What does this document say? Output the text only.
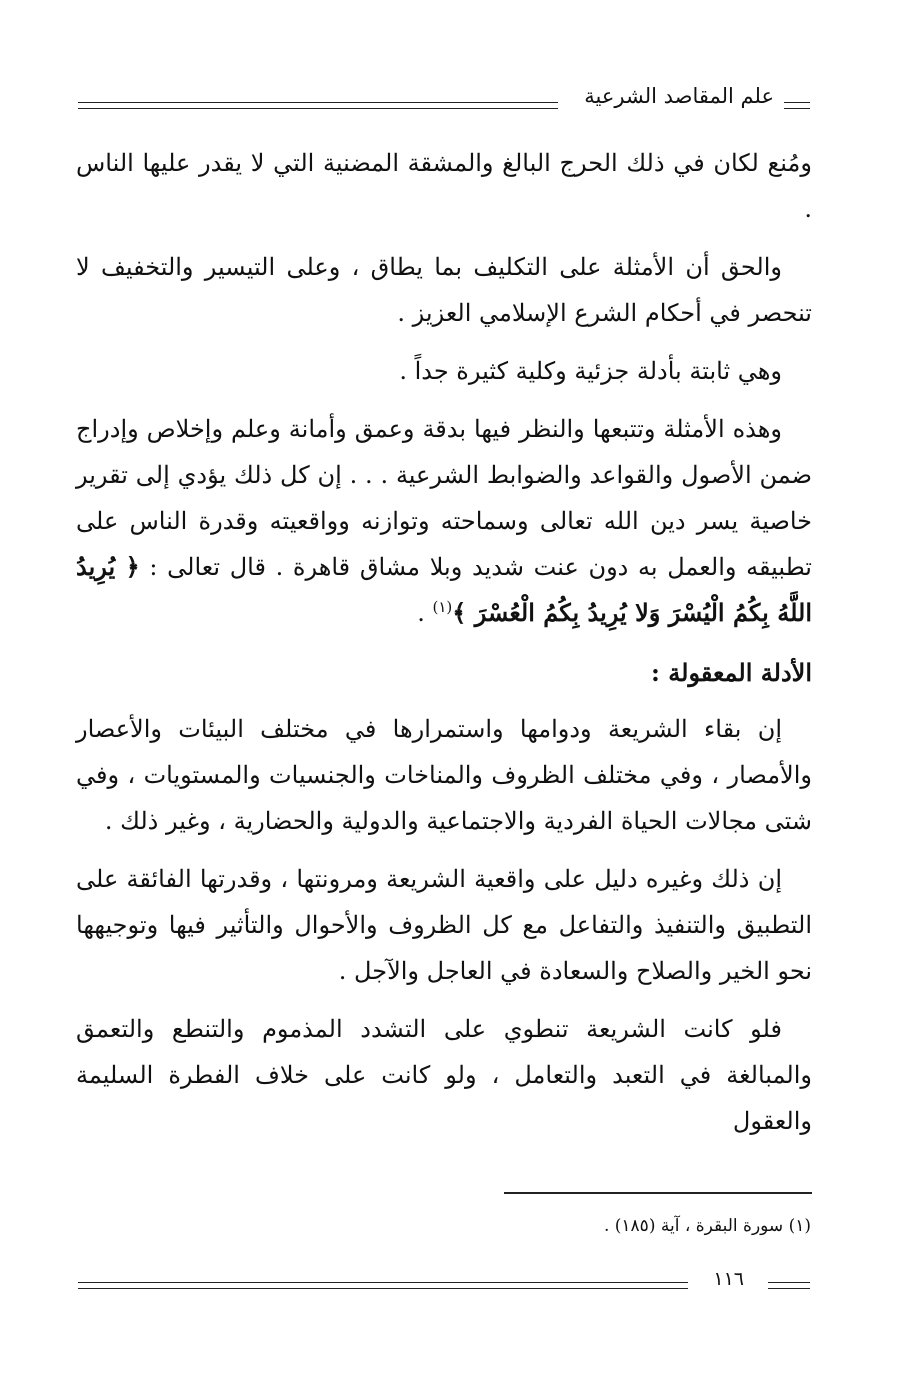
علم المقاصد الشرعية

ومُنع لكان في ذلك الحرج البالغ والمشقة المضنية التي لا يقدر عليها الناس .

والحق أن الأمثلة على التكليف بما يطاق ، وعلى التيسير والتخفيف لا تنحصر في أحكام الشرع الإسلامي العزيز .

وهي ثابتة بأدلة جزئية وكلية كثيرة جداً .

وهذه الأمثلة وتتبعها والنظر فيها بدقة وعمق وأمانة وعلم وإخلاص وإدراج ضمن الأصول والقواعد والضوابط الشرعية . . . إن كل ذلك يؤدي إلى تقرير خاصية يسر دين الله تعالى وسماحته وتوازنه وواقعيته وقدرة الناس على تطبيقه والعمل به دون عنت شديد وبلا مشاق قاهرة . قال تعالى : ﴿ يُرِيدُ اللَّهُ بِكُمُ الْيُسْرَ وَلا يُرِيدُ بِكُمُ الْعُسْرَ ﴾$^{(١)}$ .

الأدلة المعقولة :

إن بقاء الشريعة ودوامها واستمرارها في مختلف البيئات والأعصار والأمصار ، وفي مختلف الظروف والمناخات والجنسيات والمستويات ، وفي شتى مجالات الحياة الفردية والاجتماعية والدولية والحضارية ، وغير ذلك .

إن ذلك وغيره دليل على واقعية الشريعة ومرونتها ، وقدرتها الفائقة على التطبيق والتنفيذ والتفاعل مع كل الظروف والأحوال والتأثير فيها وتوجيهها نحو الخير والصلاح والسعادة في العاجل والآجل .

فلو كانت الشريعة تنطوي على التشدد المذموم والتنطع والتعمق والمبالغة في التعبد والتعامل ، ولو كانت على خلاف الفطرة السليمة والعقول

(١) سورة البقرة ، آية (١٨٥) .
١١٦
